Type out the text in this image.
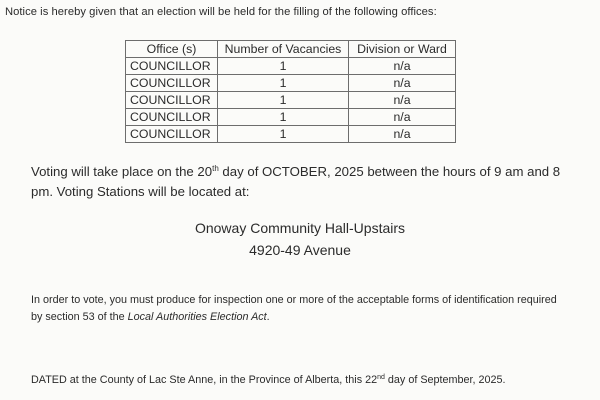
Notice is hereby given that an election will be held for the filling of the following offices:
Office (s)	Number of Vacancies	Division or Ward
COUNCILLOR	1	n/a
COUNCILLOR	1	n/a
COUNCILLOR	1	n/a
COUNCILLOR	1	n/a
COUNCILLOR	1	n/a
Voting will take place on the 20th day of OCTOBER, 2025 between the hours of 9 am and 8 pm. Voting Stations will be located at:
Onoway Community Hall-Upstairs
4920-49 Avenue
In order to vote, you must produce for inspection one or more of the acceptable forms of identification required by section 53 of the Local Authorities Election Act.
DATED at the County of Lac Ste Anne, in the Province of Alberta, this 22nd day of September, 2025.
